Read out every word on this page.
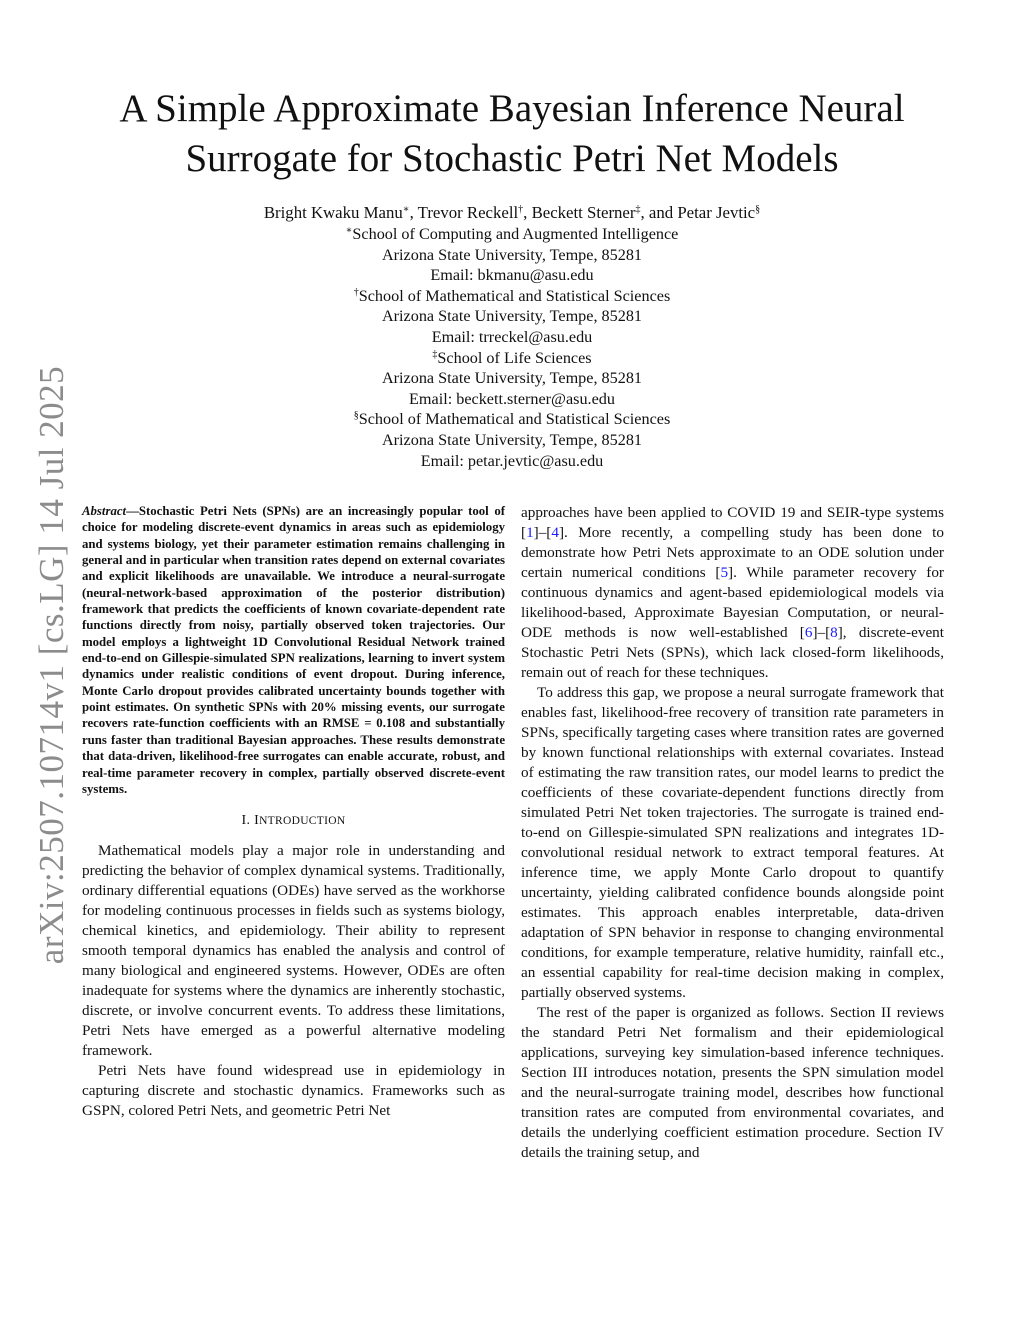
arXiv:2507.10714v1 [cs.LG] 14 Jul 2025
A Simple Approximate Bayesian Inference Neural
Surrogate for Stochastic Petri Net Models
Bright Kwaku Manu∗, Trevor Reckell†, Beckett Sterner‡, and Petar Jevtic§
∗School of Computing and Augmented Intelligence
Arizona State University, Tempe, 85281
Email: bkmanu@asu.edu
†School of Mathematical and Statistical Sciences
Arizona State University, Tempe, 85281
Email: trreckel@asu.edu
‡School of Life Sciences
Arizona State University, Tempe, 85281
Email: beckett.sterner@asu.edu
§School of Mathematical and Statistical Sciences
Arizona State University, Tempe, 85281
Email: petar.jevtic@asu.edu

Abstract—Stochastic Petri Nets (SPNs) are an increasingly popular tool of choice for modeling discrete-event dynamics in areas such as epidemiology and systems biology, yet their parameter estimation remains challenging in general and in particular when transition rates depend on external covariates and explicit likelihoods are unavailable. We introduce a neural-surrogate (neural-network-based approximation of the posterior distribution) framework that predicts the coefficients of known covariate-dependent rate functions directly from noisy, partially observed token trajectories. Our model employs a lightweight 1D Convolutional Residual Network trained end-to-end on Gillespie-simulated SPN realizations, learning to invert system dynamics under realistic conditions of event dropout. During inference, Monte Carlo dropout provides calibrated uncertainty bounds together with point estimates. On synthetic SPNs with 20% missing events, our surrogate recovers rate-function coefficients with an RMSE = 0.108 and substantially runs faster than traditional Bayesian approaches. These results demonstrate that data-driven, likelihood-free surrogates can enable accurate, robust, and real-time parameter recovery in complex, partially observed discrete-event systems.

I. INTRODUCTION

Mathematical models play a major role in understanding and predicting the behavior of complex dynamical systems. Traditionally, ordinary differential equations (ODEs) have served as the workhorse for modeling continuous processes in fields such as systems biology, chemical kinetics, and epidemiology. Their ability to represent smooth temporal dynamics has enabled the analysis and control of many biological and engineered systems. However, ODEs are often inadequate for systems where the dynamics are inherently stochastic, discrete, or involve concurrent events. To address these limitations, Petri Nets have emerged as a powerful alternative modeling framework.

Petri Nets have found widespread use in epidemiology in capturing discrete and stochastic dynamics. Frameworks such as GSPN, colored Petri Nets, and geometric Petri Net

approaches have been applied to COVID 19 and SEIR-type systems [1]–[4]. More recently, a compelling study has been done to demonstrate how Petri Nets approximate to an ODE solution under certain numerical conditions [5]. While parameter recovery for continuous dynamics and agent-based epidemiological models via likelihood-based, Approximate Bayesian Computation, or neural-ODE methods is now well-established [6]–[8], discrete-event Stochastic Petri Nets (SPNs), which lack closed-form likelihoods, remain out of reach for these techniques.

To address this gap, we propose a neural surrogate framework that enables fast, likelihood-free recovery of transition rate parameters in SPNs, specifically targeting cases where transition rates are governed by known functional relationships with external covariates. Instead of estimating the raw transition rates, our model learns to predict the coefficients of these covariate-dependent functions directly from simulated Petri Net token trajectories. The surrogate is trained end-to-end on Gillespie-simulated SPN realizations and integrates 1D-convolutional residual network to extract temporal features. At inference time, we apply Monte Carlo dropout to quantify uncertainty, yielding calibrated confidence bounds alongside point estimates. This approach enables interpretable, data-driven adaptation of SPN behavior in response to changing environmental conditions, for example temperature, relative humidity, rainfall etc., an essential capability for real-time decision making in complex, partially observed systems.

The rest of the paper is organized as follows. Section II reviews the standard Petri Net formalism and their epidemiological applications, surveying key simulation-based inference techniques. Section III introduces notation, presents the SPN simulation model and the neural-surrogate training model, describes how functional transition rates are computed from environmental covariates, and details the underlying coefficient estimation procedure. Section IV details the training setup, and
